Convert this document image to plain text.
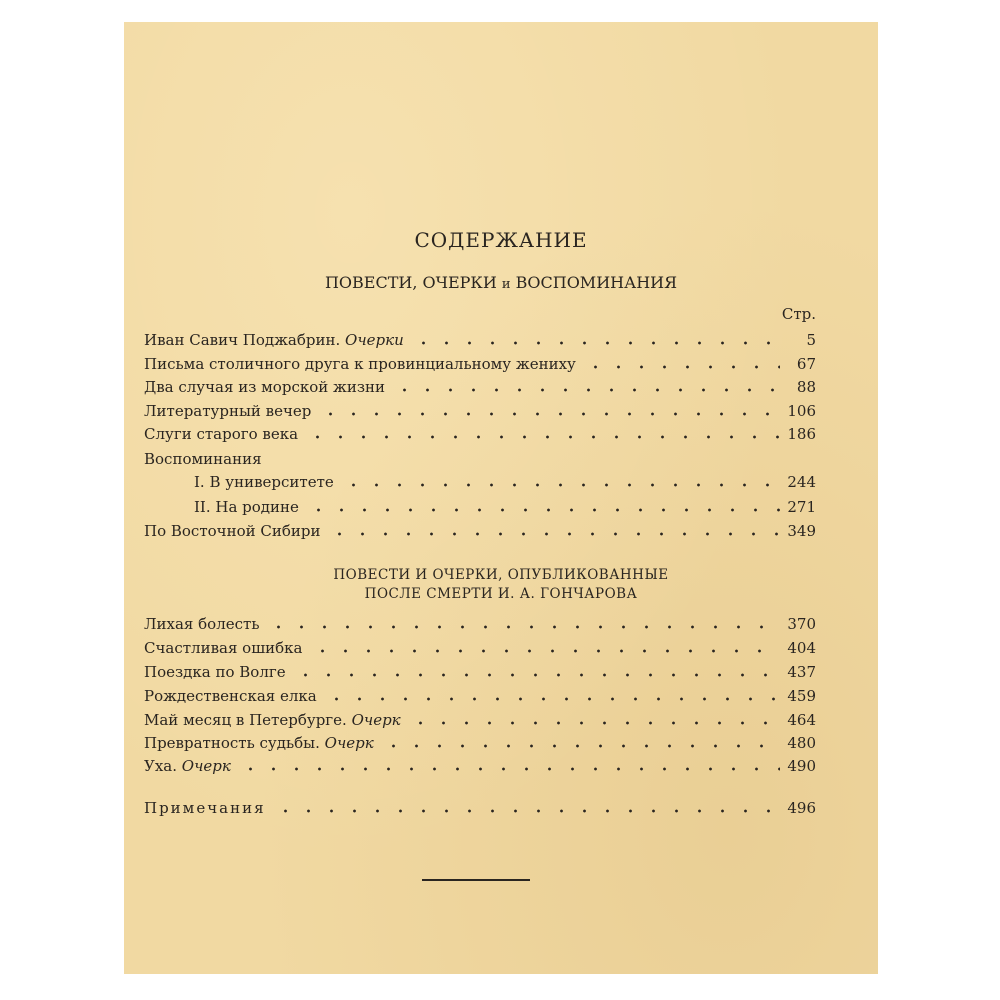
СОДЕРЖАНИЕ
ПОВЕСТИ, ОЧЕРКИ и ВОСПОМИНАНИЯ
Стр.
Иван Савич Поджабрин. Очерки	5
Письма столичного друга к провинциальному жениху	67
Два случая из морской жизни	88
Литературный вечер	106
Слуги старого века	186
Воспоминания
I. В университете	244
II. На родине	271
По Восточной Сибири	349
ПОВЕСТИ И ОЧЕРКИ, ОПУБЛИКОВАННЫЕ
ПОСЛЕ СМЕРТИ И. А. ГОНЧАРОВА
Лихая болесть	370
Счастливая ошибка	404
Поездка по Волге	437
Рождественская елка	459
Май месяц в Петербурге. Очерк	464
Превратность судьбы. Очерк	480
Уха. Очерк	490
Примечания	496
